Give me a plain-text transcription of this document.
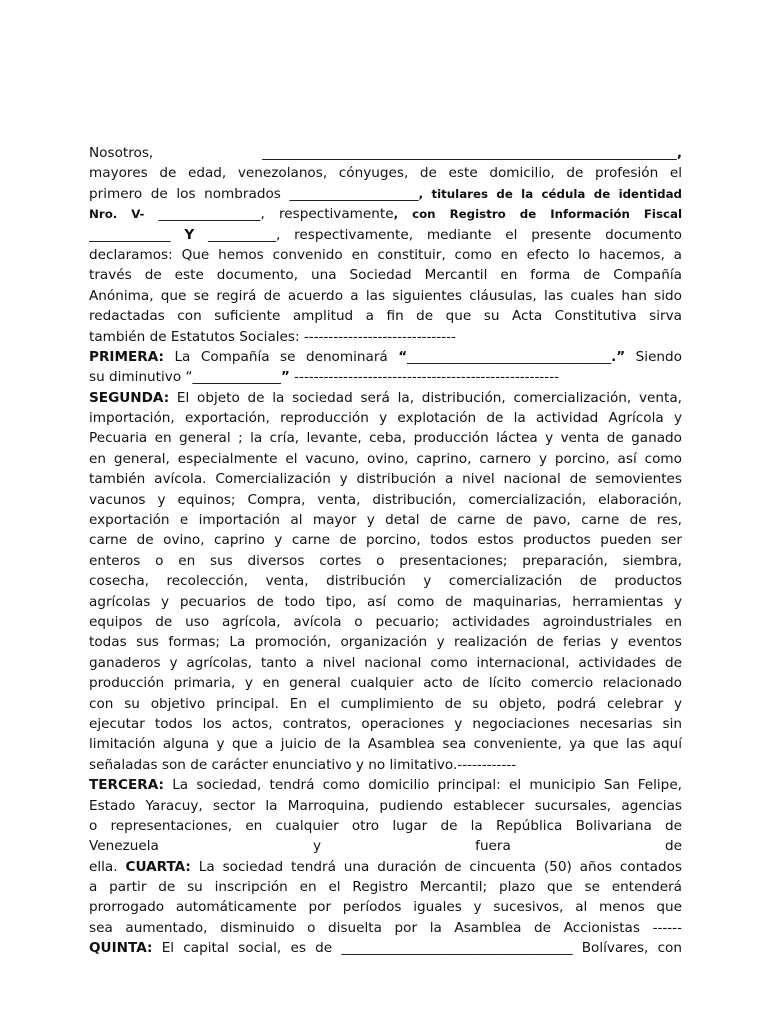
Nosotros, _____________________________________________________________,
mayores de edad, venezolanos, cónyuges, de este domicilio, de profesión el
primero de los nombrados ___________________, titulares de la cédula de identidad
Nro. V- _______________, respectivamente, con Registro de Información Fiscal
____________ Y __________, respectivamente, mediante el presente documento
declaramos: Que hemos convenido en constituir, como en efecto lo hacemos, a
través de este documento, una Sociedad Mercantil en forma de Compañía
Anónima, que se regirá de acuerdo a las siguientes cláusulas, las cuales han sido
redactadas con suficiente amplitud a fin de que su Acta Constitutiva sirva
también de Estatutos Sociales: -------------------------------
PRIMERA: La Compañía se denominará “______________________________.” Siendo
su diminutivo “_____________” ------------------------------------------------------
SEGUNDA: El objeto de la sociedad será la, distribución, comercialización, venta,
importación, exportación, reproducción y explotación de la actividad Agrícola y
Pecuaria en general ; la cría, levante, ceba, producción láctea y venta de ganado
en general, especialmente el vacuno, ovino, caprino, carnero y porcino, así como
también avícola. Comercialización y distribución a nivel nacional de semovientes
vacunos y equinos; Compra, venta, distribución, comercialización, elaboración,
exportación e importación al mayor y detal de carne de pavo, carne de res,
carne de ovino, caprino y carne de porcino, todos estos productos pueden ser
enteros o en sus diversos cortes o presentaciones; preparación, siembra,
cosecha, recolección, venta, distribución y comercialización de productos
agrícolas y pecuarios de todo tipo, así como de maquinarias, herramientas y
equipos de uso agrícola, avícola o pecuario; actividades agroindustriales en
todas sus formas; La promoción, organización y realización de ferias y eventos
ganaderos y agrícolas, tanto a nivel nacional como internacional, actividades de
producción primaria, y en general cualquier acto de lícito comercio relacionado
con su objetivo principal. En el cumplimiento de su objeto, podrá celebrar y
ejecutar todos los actos, contratos, operaciones y negociaciones necesarias sin
limitación alguna y que a juicio de la Asamblea sea conveniente, ya que las aquí
señaladas son de carácter enunciativo y no limitativo.------------
TERCERA: La sociedad, tendrá como domicilio principal: el municipio San Felipe,
Estado Yaracuy, sector la Marroquina, pudiendo establecer sucursales, agencias
o representaciones, en cualquier otro lugar de la República Bolivariana de
Venezuela y fuera de
ella. CUARTA: La sociedad tendrá una duración de cincuenta (50) años contados
a partir de su inscripción en el Registro Mercantil; plazo que se entenderá
prorrogado automáticamente por períodos iguales y sucesivos, al menos que
sea aumentado, disminuido o disuelta por la Asamblea de Accionistas ------
QUINTA: El capital social, es de __________________________________ Bolívares, con
